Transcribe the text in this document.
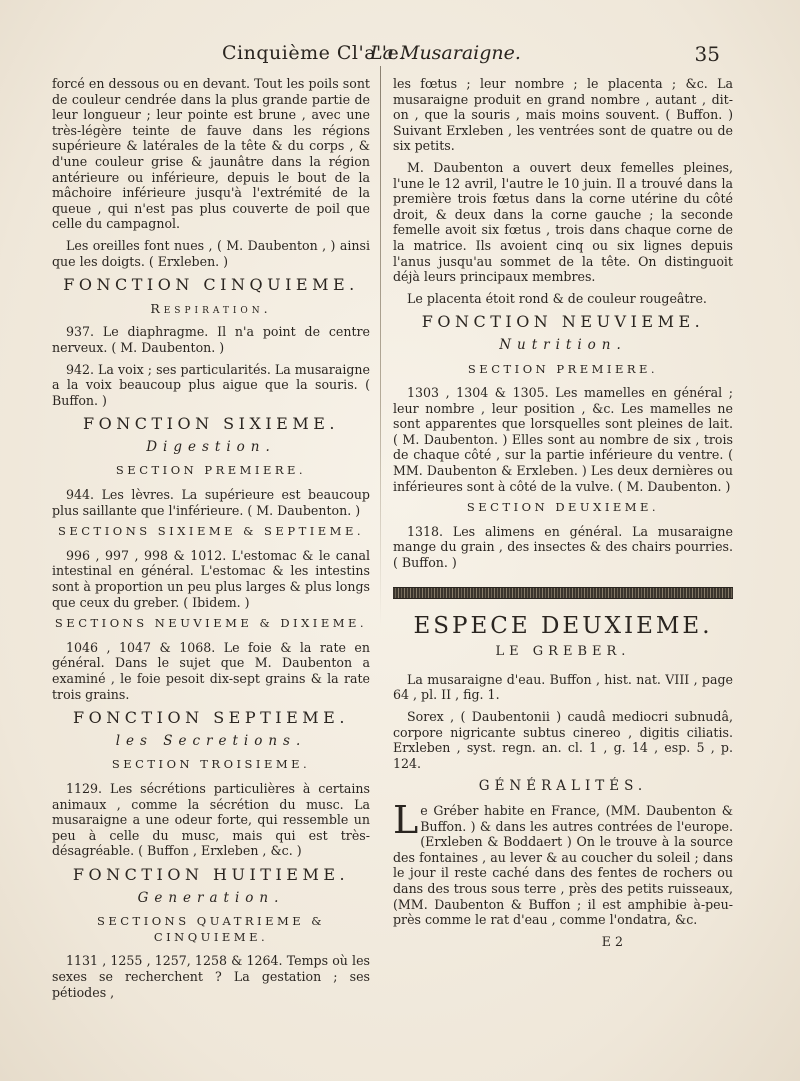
Cinquième Cl'a''e.
La Musaraigne.	35

forcé en dessous ou en devant. Tout les poils sont de couleur cendrée dans la plus grande partie de leur longueur ; leur pointe est brune , avec une très-légère teinte de fauve dans les régions supérieure & latérales de la tête & du corps , & d'une couleur grise & jaunâtre dans la région antérieure ou inférieure, depuis le bout de la mâchoire inférieure jusqu'à l'extrémité de la queue , qui n'est pas plus couverte de poil que celle du campagnol.

Les oreilles font nues , ( M. Daubenton , ) ainsi que les doigts. ( Erxleben. )

FONCTION CINQUIEME.
Respiration.

937. Le diaphragme. Il n'a point de centre nerveux. ( M. Daubenton. )

942. La voix ; ses particularités. La musaraigne a la voix beaucoup plus aigue que la souris. ( Buffon. )

FONCTION SIXIEME.
Digestion.
SECTION PREMIERE.

944. Les lèvres. La supérieure est beaucoup plus saillante que l'inférieure. ( M. Daubenton. )

SECTIONS SIXIEME & SEPTIEME.

996 , 997 , 998 & 1012. L'estomac & le canal intestinal en général. L'estomac & les intestins sont à proportion un peu plus larges & plus longs que ceux du greber. ( Ibidem. )

SECTIONS NEUVIEME & DIXIEME.

1046 , 1047 & 1068. Le foie & la rate en général. Dans le sujet que M. Daubenton a examiné , le foie pesoit dix-sept grains & la rate trois grains.

FONCTION SEPTIEME.
les Secretions.
SECTION TROISIEME.

1129. Les sécrétions particulières à certains animaux , comme la sécrétion du musc. La musaraigne a une odeur forte, qui ressemble un peu à celle du musc, mais qui est très-désagréable. ( Buffon , Erxleben , &c. )

FONCTION HUITIEME.
Generation.
SECTIONS QUATRIEME & CINQUIEME.

1131 , 1255 , 1257, 1258 & 1264. Temps où les sexes se recherchent ? La gestation ; ses pétiodes ,

les fœtus ; leur nombre ; le placenta ; &c. La musaraigne produit en grand nombre , autant , dit-on , que la souris , mais moins souvent. ( Buffon. ) Suivant Erxleben , les ventrées sont de quatre ou de six petits.

M. Daubenton a ouvert deux femelles pleines, l'une le 12 avril, l'autre le 10 juin. Il a trouvé dans la première trois fœtus dans la corne utérine du côté droit, & deux dans la corne gauche ; la seconde femelle avoit six fœtus , trois dans chaque corne de la matrice. Ils avoient cinq ou six lignes depuis l'anus jusqu'au sommet de la tête. On distinguoit déjà leurs principaux membres.

Le placenta étoit rond & de couleur rougeâtre.

FONCTION NEUVIEME.
Nutrition.
SECTION PREMIERE.

1303 , 1304 & 1305. Les mamelles en général ; leur nombre , leur position , &c. Les mamelles ne sont apparentes que lorsquelles sont pleines de lait. ( M. Daubenton. ) Elles sont au nombre de six , trois de chaque côté , sur la partie inférieure du ventre. ( MM. Daubenton & Erxleben. ) Les deux dernières ou inférieures sont à côté de la vulve. ( M. Daubenton. )

SECTION DEUXIEME.

1318. Les alimens en général. La musaraigne mange du grain , des insectes & des chairs pourries. ( Buffon. )

ESPECE DEUXIEME.
LE GREBER.

La musaraigne d'eau. Buffon , hist. nat. VIII , page 64 , pl. II , fig. 1.

Sorex , ( Daubentonii ) caudâ mediocri subnudâ, corpore nigricante subtus cinereo , digitis ciliatis. Erxleben , syst. regn. an. cl. 1 , g. 14 , esp. 5 , p. 124.

GÉNÉRALITÉS.

Le Gréber habite en France, (MM. Daubenton & Buffon. ) & dans les autres contrées de l'europe. (Erxleben & Boddaert ) On le trouve à la source des fontaines , au lever & au coucher du soleil ; dans le jour il reste caché dans des fentes de rochers ou dans des trous sous terre , près des petits ruisseaux, (MM. Daubenton & Buffon ; il est amphibie à-peu-près comme le rat d'eau , comme l'ondatra, &c.

E 2
